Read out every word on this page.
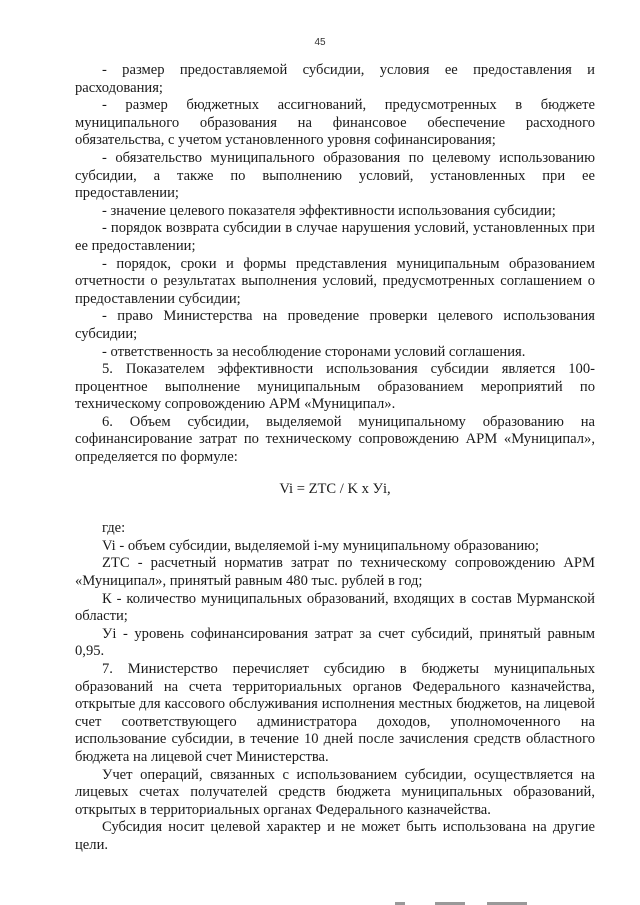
45

- размер предоставляемой субсидии, условия ее предоставления и расходования;

- размер бюджетных ассигнований, предусмотренных в бюджете муниципального образования на финансовое обеспечение расходного обязательства, с учетом установленного уровня софинансирования;

- обязательство муниципального образования по целевому использованию субсидии, а также по выполнению условий, установленных при ее предоставлении;

- значение целевого показателя эффективности использования субсидии;

- порядок возврата субсидии в случае нарушения условий, установленных при ее предоставлении;

- порядок, сроки и формы представления муниципальным образованием отчетности о результатах выполнения условий, предусмотренных соглашением о предоставлении субсидии;

- право Министерства на проведение проверки целевого использования субсидии;

- ответственность за несоблюдение сторонами условий соглашения.

5. Показателем эффективности использования субсидии является 100-процентное выполнение муниципальным образованием мероприятий по техническому сопровождению АРМ «Муниципал».

6. Объем субсидии, выделяемой муниципальному образованию на софинансирование затрат по техническому сопровождению АРМ «Муниципал», определяется по формуле:

Vi = ZTC / K x Уi,

где:

Vi - объем субсидии, выделяемой i-му муниципальному образованию;

ZTC - расчетный норматив затрат по техническому сопровождению АРМ «Муниципал», принятый равным 480 тыс. рублей в год;

К - количество муниципальных образований, входящих в состав Мурманской области;

Уi - уровень софинансирования затрат за счет субсидий, принятый равным 0,95.

7. Министерство перечисляет субсидию в бюджеты муниципальных образований на счета территориальных органов Федерального казначейства, открытые для кассового обслуживания исполнения местных бюджетов, на лицевой счет соответствующего администратора доходов, уполномоченного на использование субсидии, в течение 10 дней после зачисления средств областного бюджета на лицевой счет Министерства.

Учет операций, связанных с использованием субсидии, осуществляется на лицевых счетах получателей средств бюджета муниципальных образований, открытых в территориальных органах Федерального казначейства.

Субсидия носит целевой характер и не может быть использована на другие цели.
